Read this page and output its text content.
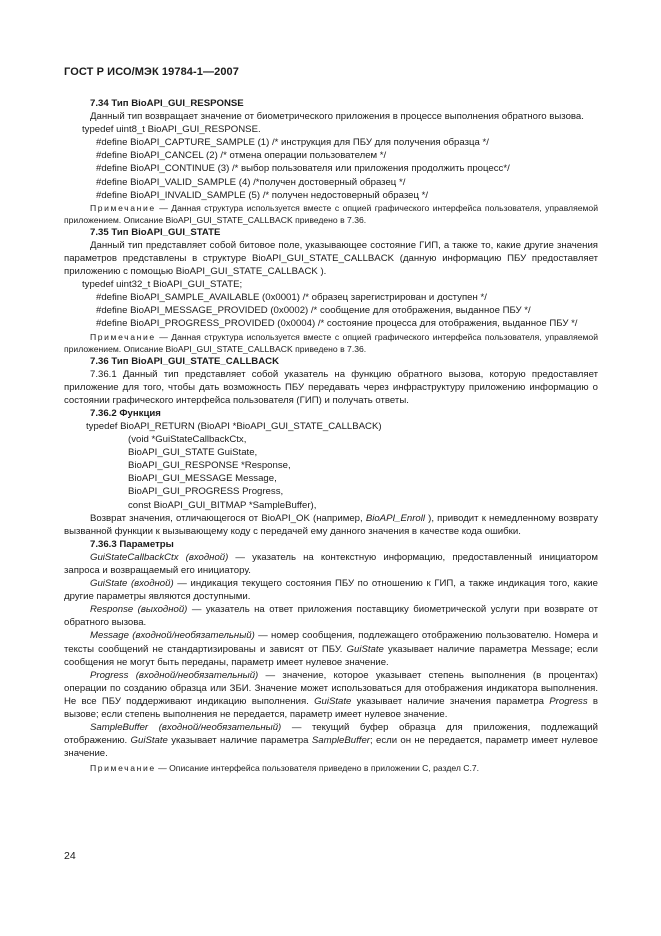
ГОСТ Р ИСО/МЭК 19784-1—2007

7.34 Тип BioAPI_GUI_RESPONSE

Данный тип возвращает значение от биометрического приложения в процессе выполнения обратного вызова.

typedef uint8_t BioAPI_GUI_RESPONSE.

#define BioAPI_CAPTURE_SAMPLE (1) /* инструкция для ПБУ для получения образца */

#define BioAPI_CANCEL (2) /* отмена операции пользователем */

#define BioAPI_CONTINUE (3) /* выбор пользователя или приложения продолжить процесс*/

#define BioAPI_VALID_SAMPLE (4) /*получен достоверный образец */

#define BioAPI_INVALID_SAMPLE (5) /* получен недостоверный образец */

Примечание — Данная структура используется вместе с опцией графического интерфейса пользователя, управляемой приложением. Описание BioAPI_GUI_STATE_CALLBACK приведено в 7.36.

7.35 Тип BioAPI_GUI_STATE

Данный тип представляет собой битовое поле, указывающее состояние ГИП, а также то, какие другие значения параметров представлены в структуре BioAPI_GUI_STATE_CALLBACK (данную информацию ПБУ предоставляет приложению с помощью BioAPI_GUI_STATE_CALLBACK ).

typedef uint32_t BioAPI_GUI_STATE;

#define BioAPI_SAMPLE_AVAILABLE (0x0001) /* образец зарегистрирован и доступен */

#define BioAPI_MESSAGE_PROVIDED (0x0002) /* сообщение для отображения, выданное ПБУ */

#define BioAPI_PROGRESS_PROVIDED (0x0004) /* состояние процесса для отображения, выданное ПБУ */

Примечание — Данная структура используется вместе с опцией графического интерфейса пользователя, управляемой приложением. Описание BioAPI_GUI_STATE_CALLBACK приведено в 7.36.

7.36 Тип BioAPI_GUI_STATE_CALLBACK

7.36.1 Данный тип представляет собой указатель на функцию обратного вызова, которую предоставляет приложение для того, чтобы дать возможность ПБУ передавать через инфраструктуру приложению информацию о состоянии графического интерфейса пользователя (ГИП) и получать ответы.

7.36.2 Функция

typedef BioAPI_RETURN (BioAPI *BioAPI_GUI_STATE_CALLBACK)

(void *GuiStateCallbackCtx,

BioAPI_GUI_STATE GuiState,

BioAPI_GUI_RESPONSE *Response,

BioAPI_GUI_MESSAGE Message,

BioAPI_GUI_PROGRESS Progress,

const BioAPI_GUI_BITMAP *SampleBuffer),

Возврат значения, отличающегося от BioAPI_OK (например, BioAPI_Enroll ), приводит к немедленному возврату вызванной функции к вызывающему коду с передачей ему данного значения в качестве кода ошибки.

7.36.3 Параметры

GuiStateCallbackCtx (входной) — указатель на контекстную информацию, предоставленный инициатором запроса и возвращаемый его инициатору.

GuiState (входной) — индикация текущего состояния ПБУ по отношению к ГИП, а также индикация того, какие другие параметры являются доступными.

Response (выходной) — указатель на ответ приложения поставщику биометрической услуги при возврате от обратного вызова.

Message (входной/необязательный) — номер сообщения, подлежащего отображению пользователю. Номера и тексты сообщений не стандартизированы и зависят от ПБУ. GuiState указывает наличие параметра Message; если сообщения не могут быть переданы, параметр имеет нулевое значение.

Progress (входной/необязательный) — значение, которое указывает степень выполнения (в процентах) операции по созданию образца или ЗБИ. Значение может использоваться для отображения индикатора выполнения. Не все ПБУ поддерживают индикацию выполнения. GuiState указывает наличие значения параметра Progress в вызове; если степень выполнения не передается, параметр имеет нулевое значение.

SampleBuffer (входной/необязательный) — текущий буфер образца для приложения, подлежащий отображению. GuiState указывает наличие параметра SampleBuffer; если он не передается, параметр имеет нулевое значение.

Примечание — Описание интерфейса пользователя приведено в приложении С, раздел С.7.

24
